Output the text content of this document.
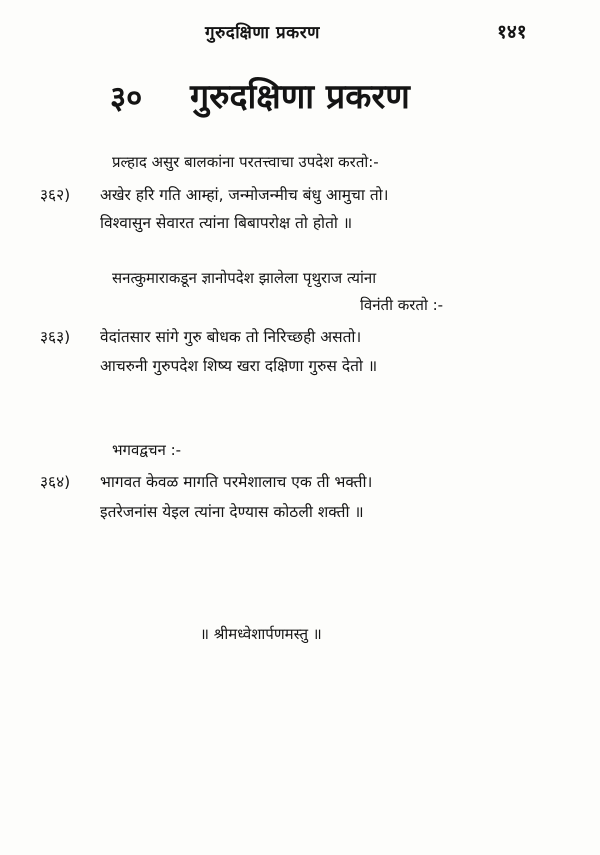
गुरुदक्षिणा प्रकरण	१४१
३० गुरुदक्षिणा प्रकरण
प्रल्हाद असुर बालकांना परतत्त्वाचा उपदेश करतो:-
३६२) अखेर हरि गति आम्हां, जन्मोजन्मीच बंधु आमुचा तो।
विश्वासुन सेवारत त्यांना बिबापरोक्ष तो होतो ॥
सनत्कुमाराकडून ज्ञानोपदेश झालेला पृथुराज त्यांना
विनंती करतो :-
३६३) वेदांतसार सांगे गुरु बोधक तो निरिच्छही असतो।
आचरुनी गुरुपदेश शिष्य खरा दक्षिणा गुरुस देतो ॥
भगवद्वचन :-
३६४) भागवत केवळ मागति परमेशालाच एक ती भक्ती।
इतरेजनांस येइल त्यांना देण्यास कोठली शक्ती ॥
॥ श्रीमध्वेशार्पणमस्तु ॥
